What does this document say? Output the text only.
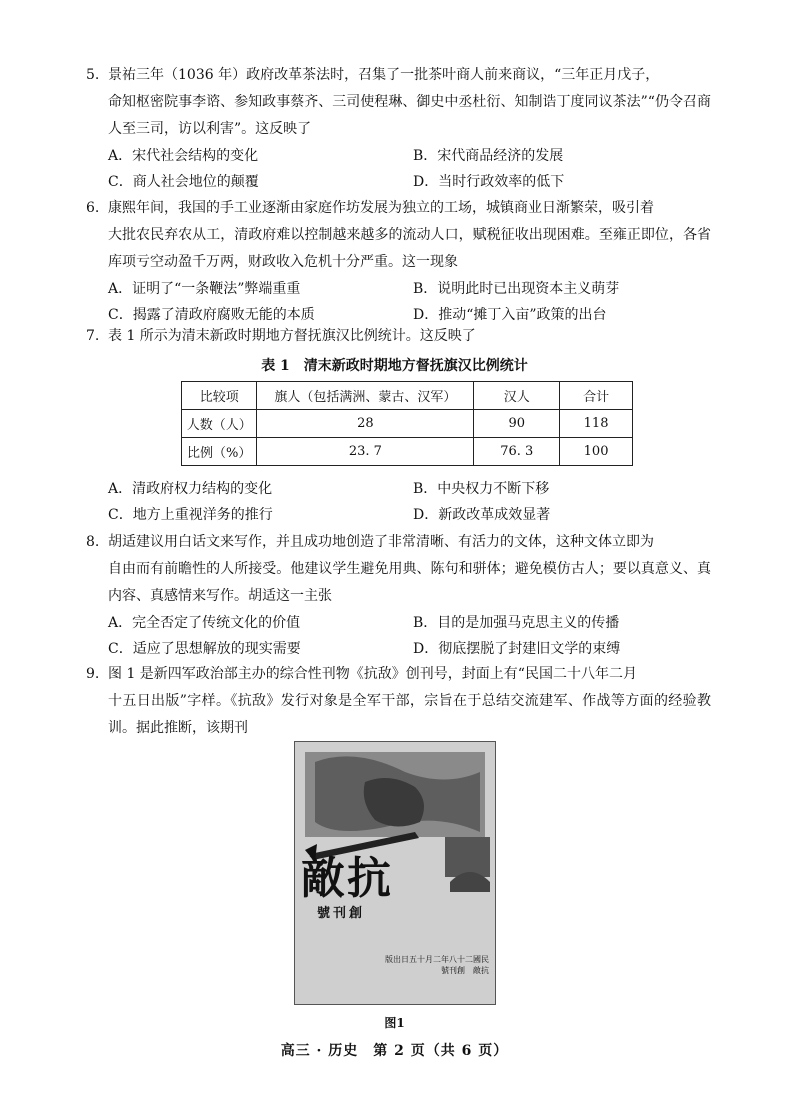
5. 景祐三年（1036 年）政府改革茶法时，召集了一批茶叶商人前来商议，“三年正月戊子，

命知枢密院事李谘、参知政事蔡齐、三司使程琳、御史中丞杜衍、知制诰丁度同议茶法”“仍令召商人至三司，访以利害”。这反映了

A．宋代社会结构的变化	B．宋代商品经济的发展
C．商人社会地位的颠覆	D．当时行政效率的低下

6. 康熙年间，我国的手工业逐渐由家庭作坊发展为独立的工场，城镇商业日渐繁荣，吸引着

大批农民弃农从工，清政府难以控制越来越多的流动人口，赋税征收出现困难。至雍正即位，各省库项亏空动盈千万两，财政收入危机十分严重。这一现象

A．证明了“一条鞭法”弊端重重	B．说明此时已出现资本主义萌芽
C．揭露了清政府腐败无能的本质	D．推动“摊丁入亩”政策的出台

7. 表 1 所示为清末新政时期地方督抚旗汉比例统计。这反映了

表 1　清末新政时期地方督抚旗汉比例统计
比较项	旗人（包括满洲、蒙古、汉军）	汉人	合计
人数（人）	28	90	118
比例（%）	23. 7	76. 3	100
A．清政府权力结构的变化	B．中央权力不断下移
C．地方上重视洋务的推行	D．新政改革成效显著

8. 胡适建议用白话文来写作，并且成功地创造了非常清晰、有活力的文体，这种文体立即为

自由而有前瞻性的人所接受。他建议学生避免用典、陈句和骈体；避免模仿古人；要以真意义、真内容、真感情来写作。胡适这一主张

A．完全否定了传统文化的价值	B．目的是加强马克思主义的传播
C．适应了思想解放的现实需要	D．彻底摆脱了封建旧文学的束缚

9. 图 1 是新四军政治部主办的综合性刊物《抗敌》创刊号，封面上有“民国二十八年二月

十五日出版”字样。《抗敌》发行对象是全军干部，宗旨在于总结交流建军、作战等方面的经验教训。据此推断，该期刊

敵抗
號刊創
版出日五十月二年八十二國民
號刊創　敵抗
图1
高三 · 历史　第 2 页（共 6 页）
